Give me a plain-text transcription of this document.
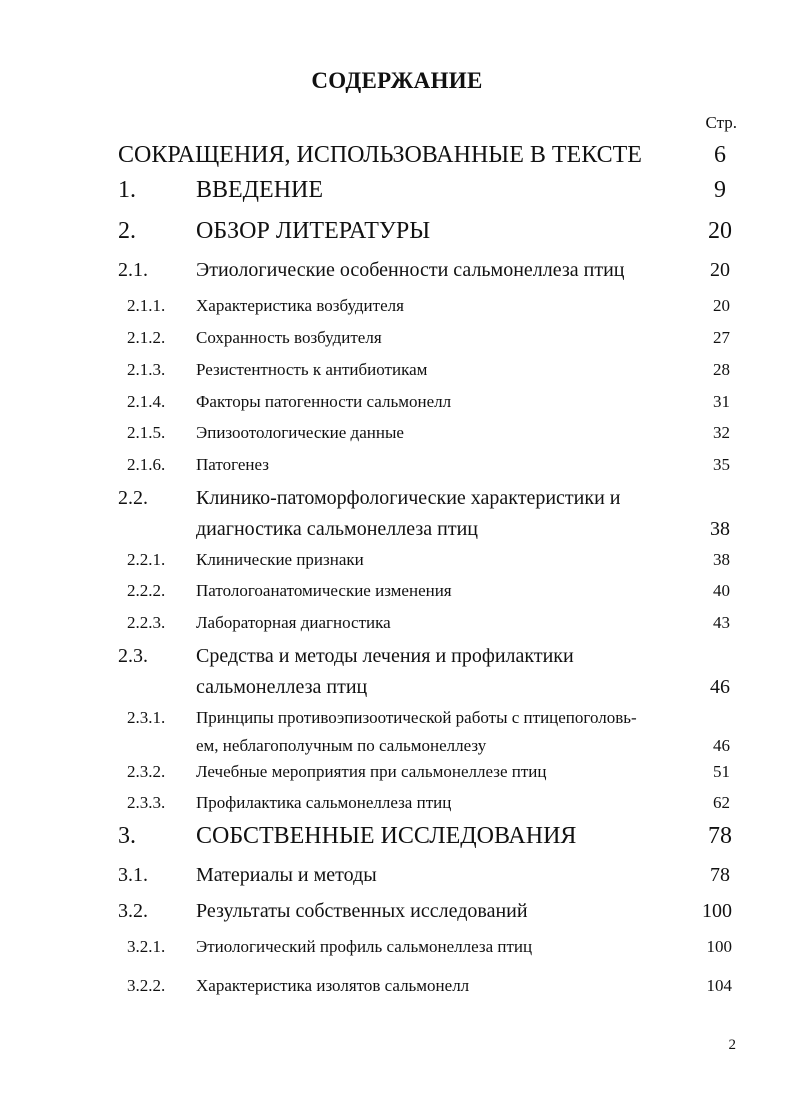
СОДЕРЖАНИЕ
Стр.
СОКРАЩЕНИЯ, ИСПОЛЬЗОВАННЫЕ В ТЕКСТЕ	6
1.	ВВЕДЕНИЕ	9
2.	ОБЗОР ЛИТЕРАТУРЫ	20
2.1. Этиологические особенности сальмонеллеза птиц	20
2.1.1. Характеристика возбудителя	20
2.1.2. Сохранность возбудителя	27
2.1.3. Резистентность к антибиотикам	28
2.1.4. Факторы патогенности сальмонелл	31
2.1.5. Эпизоотологические данные	32
2.1.6. Патогенез	35
2.2. Клинико-патоморфологические характеристики и
диагностика сальмонеллеза птиц	38
2.2.1. Клинические признаки	38
2.2.2. Патологоанатомические изменения	40
2.2.3. Лабораторная диагностика	43
2.3. Средства и методы лечения и профилактики
сальмонеллеза птиц	46
2.3.1. Принципы противоэпизоотической работы с птицепоголовь-
ем, неблагополучным по сальмонеллезу	46
2.3.2. Лечебные мероприятия при сальмонеллезе птиц	51
2.3.3. Профилактика сальмонеллеза птиц	62
3.	СОБСТВЕННЫЕ ИССЛЕДОВАНИЯ	78
3.1. Материалы и методы	78
3.2. Результаты собственных исследований	100
3.2.1. Этиологический профиль сальмонеллеза птиц	100
3.2.2. Характеристика изолятов сальмонелл	104
2
